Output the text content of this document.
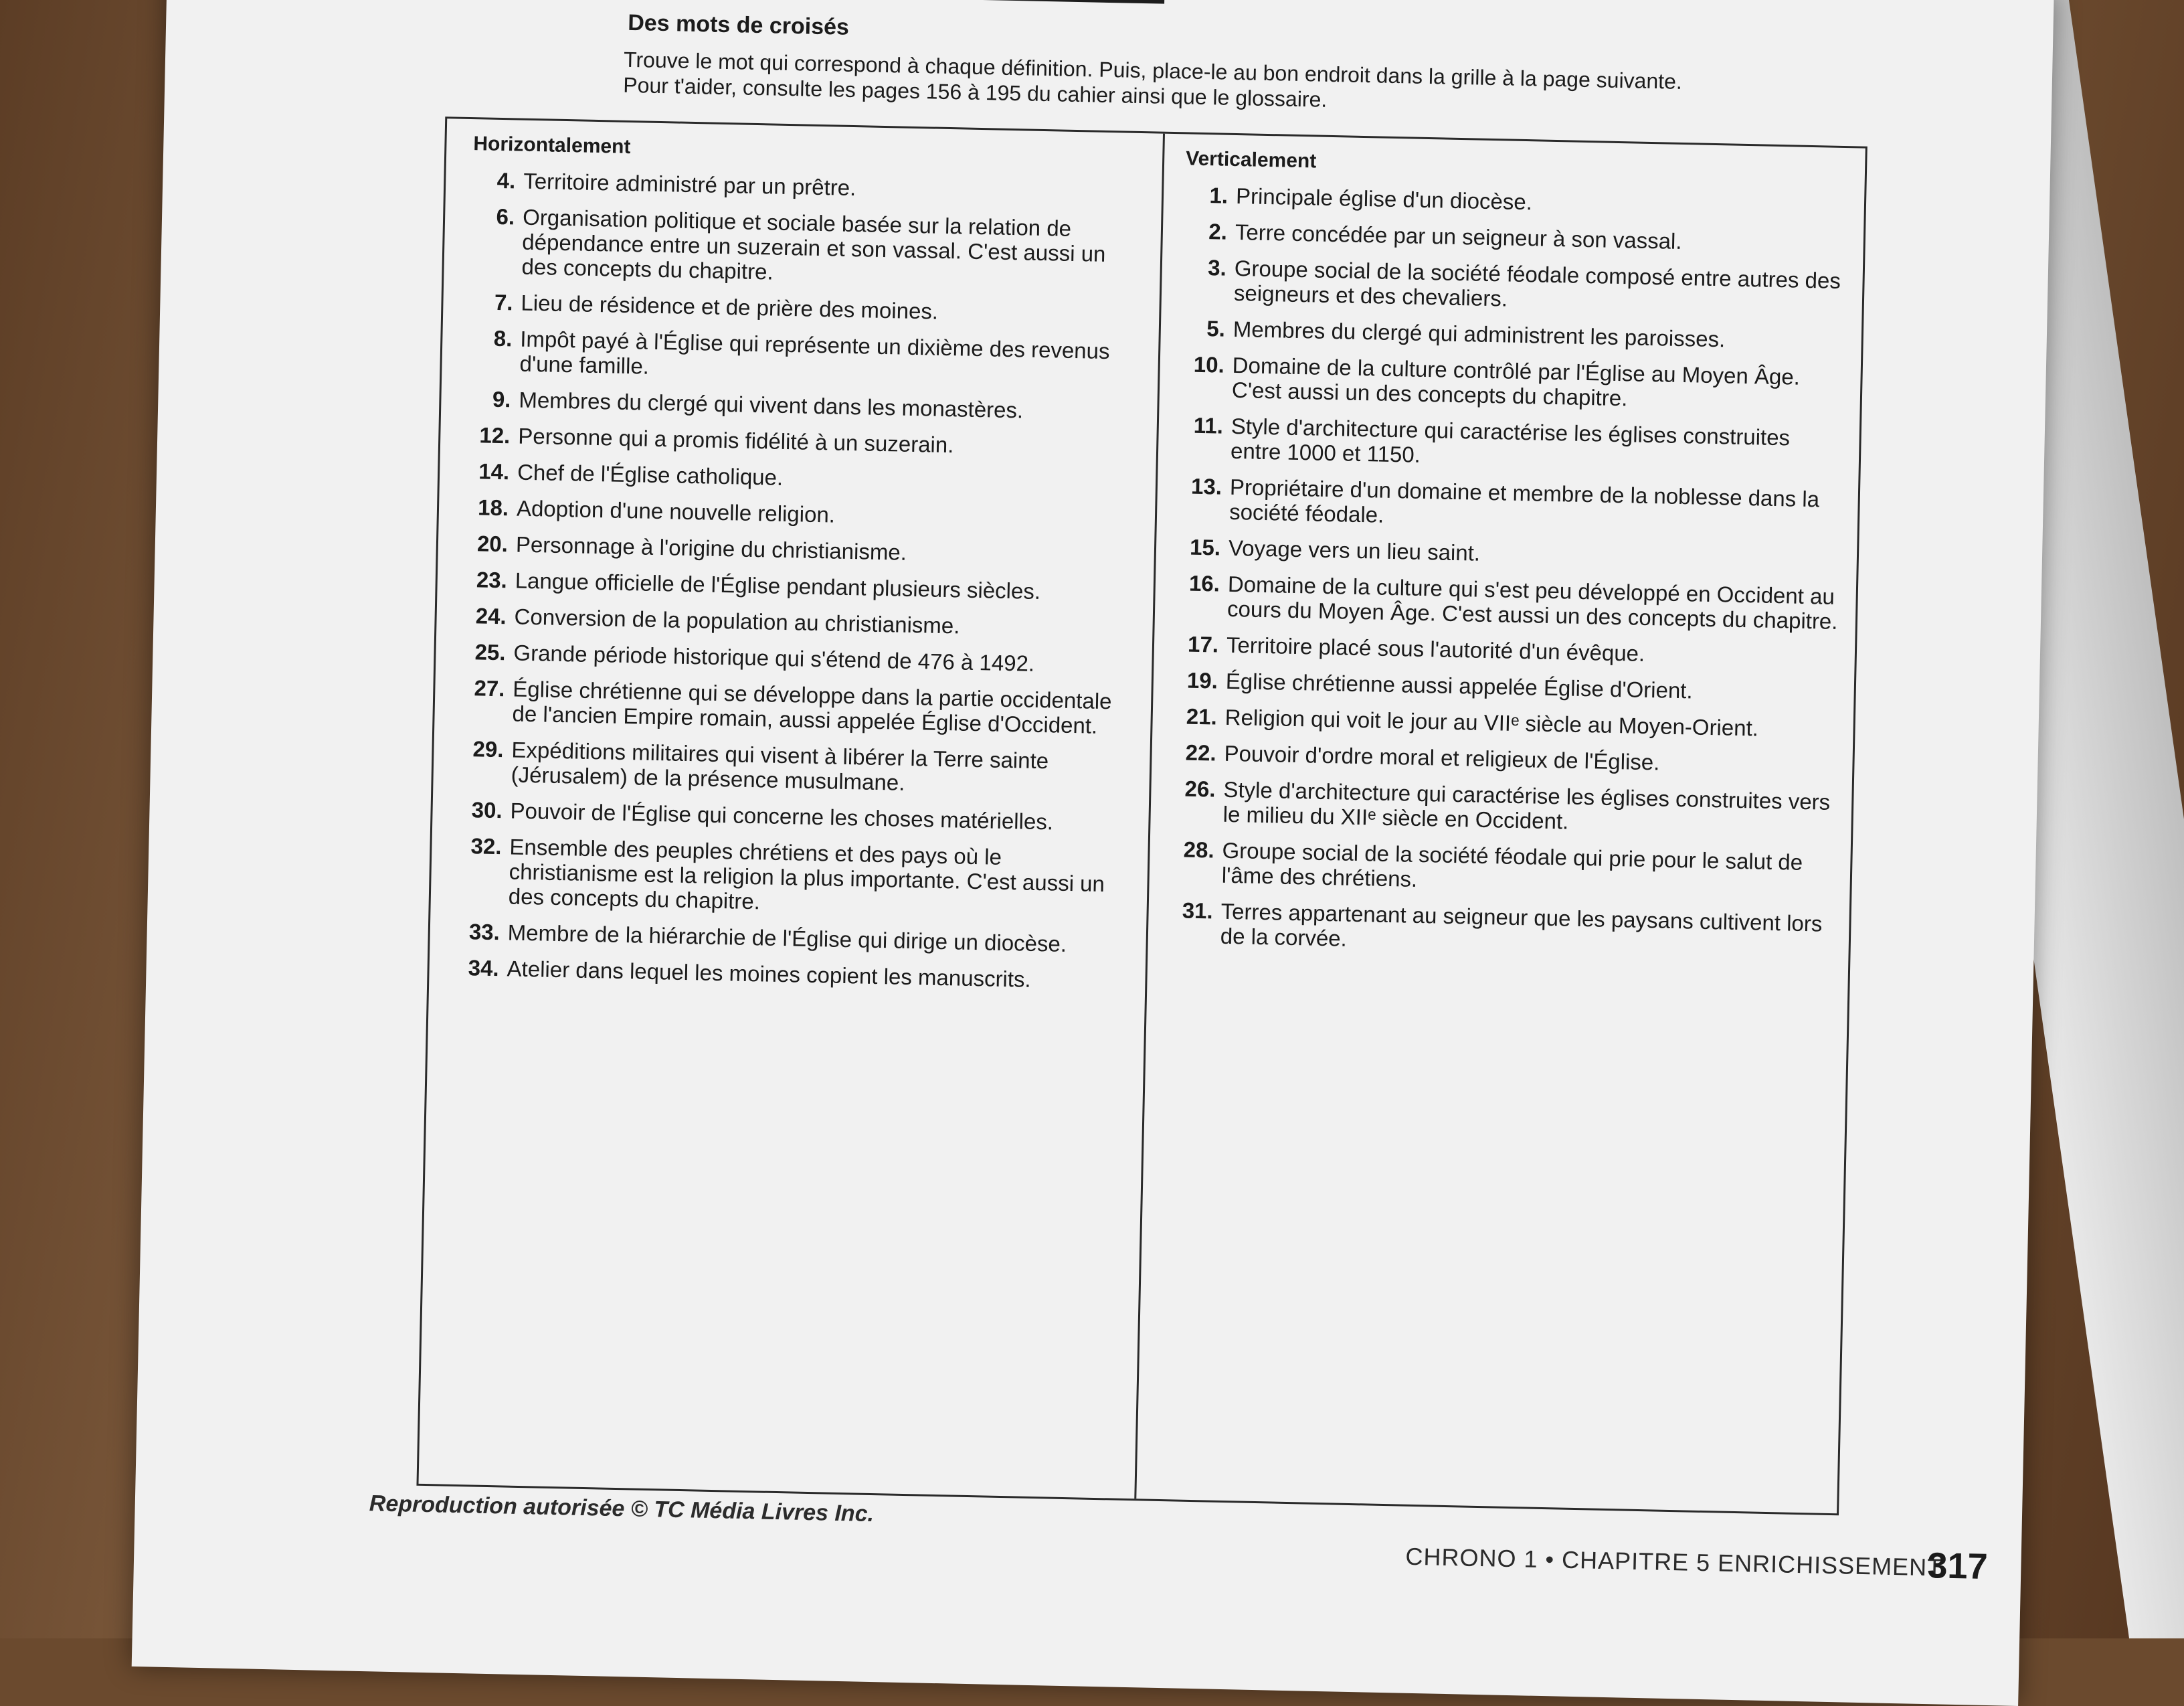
Des mots de croisés
Trouve le mot qui correspond à chaque définition. Puis, place-le au bon endroit dans la grille à la page suivante. Pour t'aider, consulte les pages 156 à 195 du cahier ainsi que le glossaire.
Horizontalement
4. Territoire administré par un prêtre.
6. Organisation politique et sociale basée sur la relation de dépendance entre un suzerain et son vassal. C'est aussi un des concepts du chapitre.
7. Lieu de résidence et de prière des moines.
8. Impôt payé à l'Église qui représente un dixième des revenus d'une famille.
9. Membres du clergé qui vivent dans les monastères.
12. Personne qui a promis fidélité à un suzerain.
14. Chef de l'Église catholique.
18. Adoption d'une nouvelle religion.
20. Personnage à l'origine du christianisme.
23. Langue officielle de l'Église pendant plusieurs siècles.
24. Conversion de la population au christianisme.
25. Grande période historique qui s'étend de 476 à 1492.
27. Église chrétienne qui se développe dans la partie occidentale de l'ancien Empire romain, aussi appelée Église d'Occident.
29. Expéditions militaires qui visent à libérer la Terre sainte (Jérusalem) de la présence musulmane.
30. Pouvoir de l'Église qui concerne les choses matérielles.
32. Ensemble des peuples chrétiens et des pays où le christianisme est la religion la plus importante. C'est aussi un des concepts du chapitre.
33. Membre de la hiérarchie de l'Église qui dirige un diocèse.
34. Atelier dans lequel les moines copient les manuscrits.
Verticalement
1. Principale église d'un diocèse.
2. Terre concédée par un seigneur à son vassal.
3. Groupe social de la société féodale composé entre autres des seigneurs et des chevaliers.
5. Membres du clergé qui administrent les paroisses.
10. Domaine de la culture contrôlé par l'Église au Moyen Âge. C'est aussi un des concepts du chapitre.
11. Style d'architecture qui caractérise les églises construites entre 1000 et 1150.
13. Propriétaire d'un domaine et membre de la noblesse dans la société féodale.
15. Voyage vers un lieu saint.
16. Domaine de la culture qui s'est peu développé en Occident au cours du Moyen Âge. C'est aussi un des concepts du chapitre.
17. Territoire placé sous l'autorité d'un évêque.
19. Église chrétienne aussi appelée Église d'Orient.
21. Religion qui voit le jour au VIIᵉ siècle au Moyen-Orient.
22. Pouvoir d'ordre moral et religieux de l'Église.
26. Style d'architecture qui caractérise les églises construites vers le milieu du XIIᵉ siècle en Occident.
28. Groupe social de la société féodale qui prie pour le salut de l'âme des chrétiens.
31. Terres appartenant au seigneur que les paysans cultivent lors de la corvée.
Reproduction autorisée © TC Média Livres Inc.
CHRONO 1 • CHAPITRE 5 ENRICHISSEMENT
317
